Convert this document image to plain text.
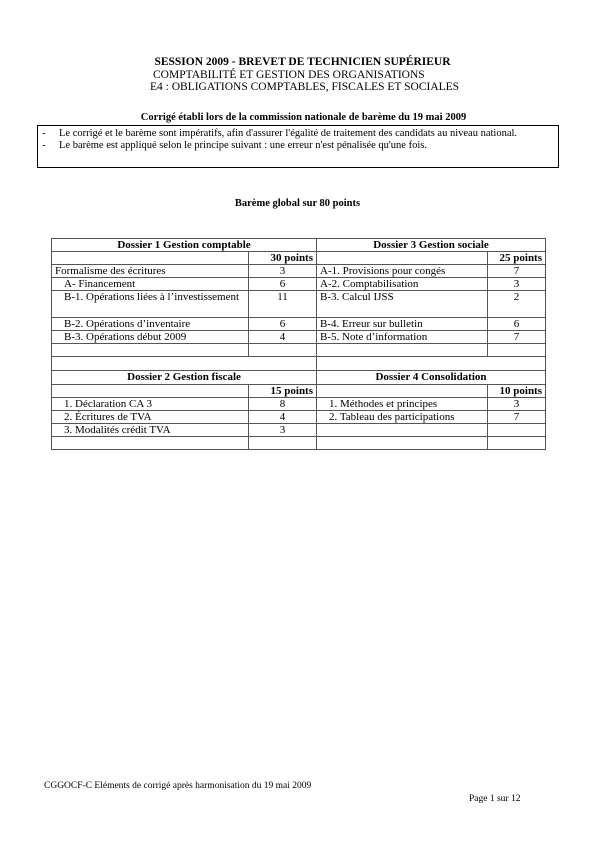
SESSION 2009 - BREVET DE TECHNICIEN SUPÉRIEUR
COMPTABILITÉ ET GESTION DES ORGANISATIONS
E4 : OBLIGATIONS COMPTABLES, FISCALES ET SOCIALES
Corrigé établi lors de la commission nationale de barème du 19 mai 2009
- Le corrigé et le barème sont impératifs, afin d'assurer l'égalité de traitement des candidats au niveau national.
- Le barème est appliqué selon le principe suivant : une erreur n'est pénalisée qu'une fois.
Barème global sur 80 points
Dossier 1 Gestion comptable		Dossier 3 Gestion sociale	
	30 points		25 points
Formalisme des écritures	3	A-1. Provisions pour congés	7
A- Financement	6	A-2. Comptabilisation	3
B-1. Opérations liées à l’investissement	11	B-3. Calcul IJSS	2
B-2. Opérations d’inventaire	6	B-4. Erreur sur bulletin	6
B-3. Opérations début 2009	4	B-5. Note d’information	7

Dossier 2 Gestion fiscale		Dossier 4 Consolidation	
	15 points		10 points
1. Déclaration CA 3	8	1. Méthodes et principes	3
2. Écritures de TVA	4	2. Tableau des participations	7
3. Modalités crédit TVA	3		

CGGOCF-C Eléments de corrigé après harmonisation du 19 mai 2009
Page 1 sur 12
